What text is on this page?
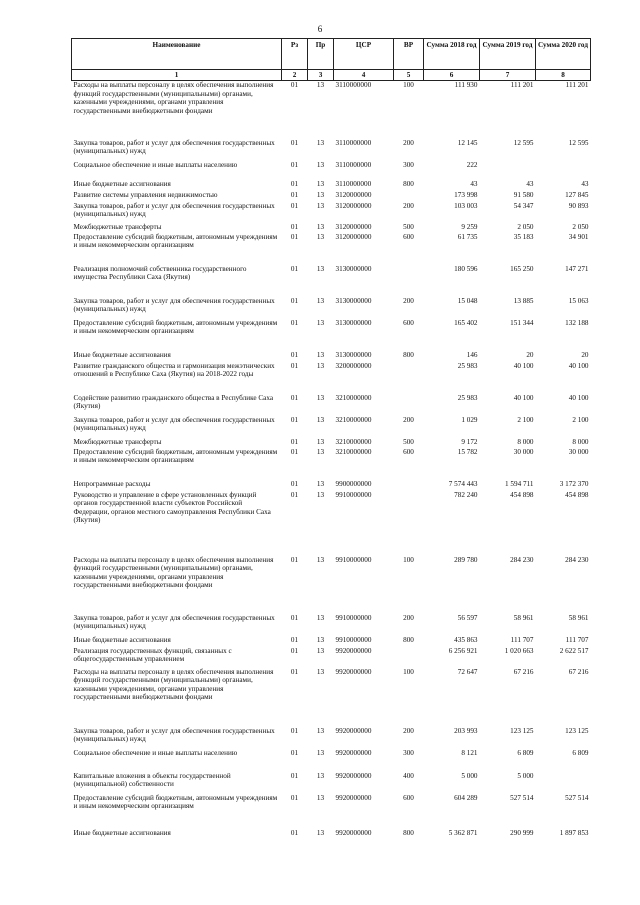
6
Наименование	Рз	Пр	ЦСР	ВР	Сумма 2018 год	Сумма 2019 год	Сумма 2020 год
1	2	3	4	5	6	7	8
Расходы на выплаты персоналу в целях обеспечения выполнения функций государственными (муниципальными) органами, казенными учреждениями, органами управления государственными внебюджетными фондами	01	13	3110000000	100	111 930	111 201	111 201
Закупка товаров, работ и услуг для обеспечения государственных (муниципальных) нужд	01	13	3110000000	200	12 145	12 595	12 595
Социальное обеспечение и иные выплаты населению	01	13	3110000000	300	222		
Иные бюджетные ассигнования	01	13	3110000000	800	43	43	43
Развитие системы управления недвижимостью	01	13	3120000000		173 998	91 580	127 845
Закупка товаров, работ и услуг для обеспечения государственных (муниципальных) нужд	01	13	3120000000	200	103 003	54 347	90 893
Межбюджетные трансферты	01	13	3120000000	500	9 259	2 050	2 050
Предоставление субсидий бюджетным, автономным учреждениям и иным некоммерческим организациям	01	13	3120000000	600	61 735	35 183	34 901
Реализация полномочий собственника государственного имущества Республики Саха (Якутия)	01	13	3130000000		180 596	165 250	147 271
Закупка товаров, работ и услуг для обеспечения государственных (муниципальных) нужд	01	13	3130000000	200	15 048	13 885	15 063
Предоставление субсидий бюджетным, автономным учреждениям и иным некоммерческим организациям	01	13	3130000000	600	165 402	151 344	132 188
Иные бюджетные ассигнования	01	13	3130000000	800	146	20	20
Развитие гражданского общества и гармонизация межэтнических отношений в Республике Саха (Якутия) на 2018-2022 годы	01	13	3200000000		25 983	40 100	40 100
Содействие развитию гражданского общества в Республике Саха (Якутия)	01	13	3210000000		25 983	40 100	40 100
Закупка товаров, работ и услуг для обеспечения государственных (муниципальных) нужд	01	13	3210000000	200	1 029	2 100	2 100
Межбюджетные трансферты	01	13	3210000000	500	9 172	8 000	8 000
Предоставление субсидий бюджетным, автономным учреждениям и иным некоммерческим организациям	01	13	3210000000	600	15 782	30 000	30 000
Непрограммные расходы	01	13	9900000000		7 574 443	1 594 711	3 172 370
Руководство и управление в сфере установленных функций органов государственной власти субъектов Российской Федерации, органов местного самоуправления Республики Саха (Якутия)	01	13	9910000000		782 240	454 898	454 898
Расходы на выплаты персоналу в целях обеспечения выполнения функций государственными (муниципальными) органами, казенными учреждениями, органами управления государственными внебюджетными фондами	01	13	9910000000	100	289 780	284 230	284 230
Закупка товаров, работ и услуг для обеспечения государственных (муниципальных) нужд	01	13	9910000000	200	56 597	58 961	58 961
Иные бюджетные ассигнования	01	13	9910000000	800	435 863	111 707	111 707
Реализация государственных функций, связанных с общегосударственным управлением	01	13	9920000000		6 256 921	1 020 663	2 622 517
Расходы на выплаты персоналу в целях обеспечения выполнения функций государственными (муниципальными) органами, казенными учреждениями, органами управления государственными внебюджетными фондами	01	13	9920000000	100	72 647	67 216	67 216
Закупка товаров, работ и услуг для обеспечения государственных (муниципальных) нужд	01	13	9920000000	200	203 993	123 125	123 125
Социальное обеспечение и иные выплаты населению	01	13	9920000000	300	8 121	6 809	6 809
Капитальные вложения в объекты государственной (муниципальной) собственности	01	13	9920000000	400	5 000	5 000	
Предоставление субсидий бюджетным, автономным учреждениям и иным некоммерческим организациям	01	13	9920000000	600	604 289	527 514	527 514
Иные бюджетные ассигнования	01	13	9920000000	800	5 362 871	290 999	1 897 853
